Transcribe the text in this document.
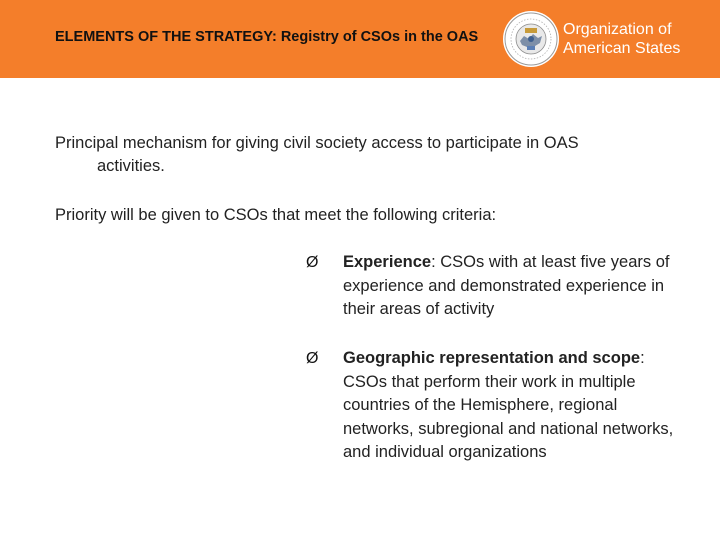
ELEMENTS OF THE STRATEGY: Registry of CSOs in the OAS	Organization of
American States
Principal mechanism for giving civil society access to participate in OAS
activities.
Priority will be given to CSOs that meet the following criteria:
Ø	Experience: CSOs with at least five years of experience and demonstrated experience in their areas of activity
Ø	Geographic representation and scope: CSOs that perform their work in multiple countries of the Hemisphere, regional networks, subregional and national networks, and individual organizations
